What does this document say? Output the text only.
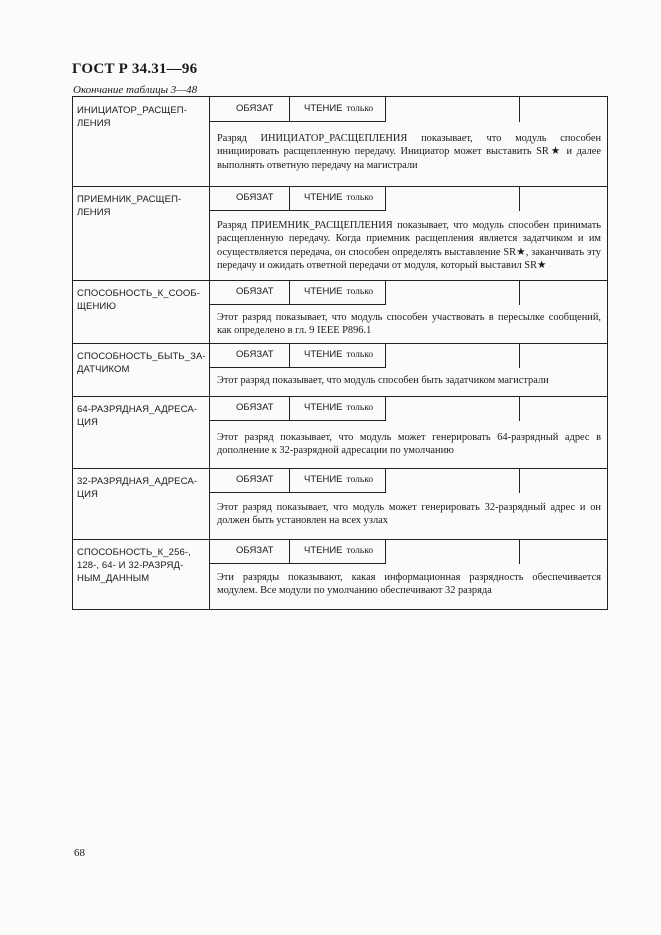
ГОСТ Р 34.31—96
Окончание таблицы 3—48
ИНИЦИАТОР_РАСЩЕП-ЛЕНИЯ
ОБЯЗАТ	ЧТЕНИЕ только
Разряд ИНИЦИАТОР_РАСЩЕПЛЕНИЯ показывает, что модуль способен инициировать расщепленную передачу. Инициатор может выставить SR★ и далее выполнять ответную передачу на магистрали
ПРИЕМНИК_РАСЩЕП-ЛЕНИЯ
ОБЯЗАТ	ЧТЕНИЕ только
Разряд ПРИЕМНИК_РАСЩЕПЛЕНИЯ показывает, что модуль способен принимать расщепленную передачу. Когда приемник расщепления является задатчиком и им осуществляется передача, он способен определять выставление SR★, заканчивать эту передачу и ожидать ответной передачи от модуля, который выставил SR★
СПОСОБНОСТЬ_К_СООБ-ЩЕНИЮ
ОБЯЗАТ	ЧТЕНИЕ только
Этот разряд показывает, что модуль способен участвовать в пересылке сообщений, как определено в гл. 9 IEEE P896.1
СПОСОБНОСТЬ_БЫТЬ_ЗА-ДАТЧИКОМ
ОБЯЗАТ	ЧТЕНИЕ только
Этот разряд показывает, что модуль способен быть задатчиком магистрали
64-РАЗРЯДНАЯ_АДРЕСА-ЦИЯ
ОБЯЗАТ	ЧТЕНИЕ только
Этот разряд показывает, что модуль может генерировать 64-разрядный адрес в дополнение к 32-разрядной адресации по умолчанию
32-РАЗРЯДНАЯ_АДРЕСА-ЦИЯ
ОБЯЗАТ	ЧТЕНИЕ только
Этот разряд показывает, что модуль может генерировать 32-разрядный адрес и он должен быть установлен на всех узлах
СПОСОБНОСТЬ_К_256-, 128-, 64- И 32-РАЗРЯД-НЫМ_ДАННЫМ
ОБЯЗАТ	ЧТЕНИЕ только
Эти разряды показывают, какая информационная разрядность обеспечивается модулем. Все модули по умолчанию обеспечивают 32 разряда
68
